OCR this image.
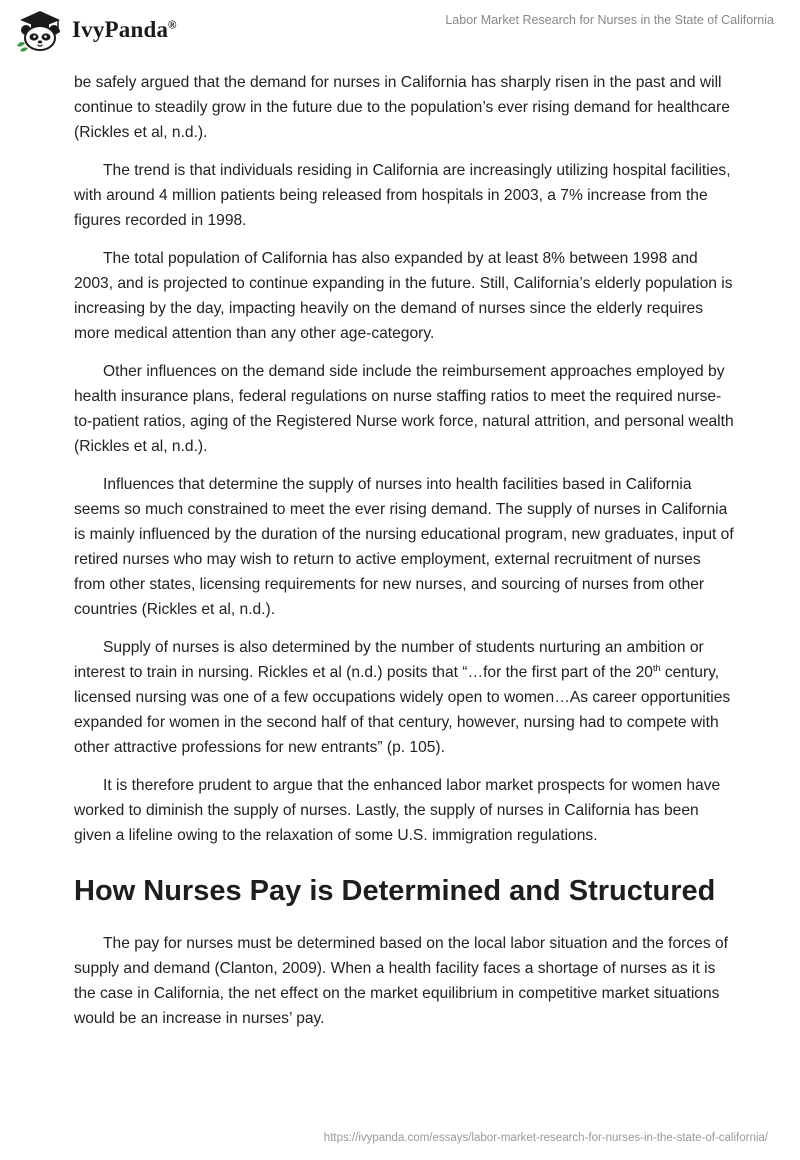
IvyPanda®	Labor Market Research for Nurses in the State of California

be safely argued that the demand for nurses in California has sharply risen in the past and will continue to steadily grow in the future due to the population’s ever rising demand for healthcare (Rickles et al, n.d.).

The trend is that individuals residing in California are increasingly utilizing hospital facilities, with around 4 million patients being released from hospitals in 2003, a 7% increase from the figures recorded in 1998.

The total population of California has also expanded by at least 8% between 1998 and 2003, and is projected to continue expanding in the future. Still, California’s elderly population is increasing by the day, impacting heavily on the demand of nurses since the elderly requires more medical attention than any other age-category.

Other influences on the demand side include the reimbursement approaches employed by health insurance plans, federal regulations on nurse staffing ratios to meet the required nurse-to-patient ratios, aging of the Registered Nurse work force, natural attrition, and personal wealth (Rickles et al, n.d.).

Influences that determine the supply of nurses into health facilities based in California seems so much constrained to meet the ever rising demand. The supply of nurses in California is mainly influenced by the duration of the nursing educational program, new graduates, input of retired nurses who may wish to return to active employment, external recruitment of nurses from other states, licensing requirements for new nurses, and sourcing of nurses from other countries (Rickles et al, n.d.).

Supply of nurses is also determined by the number of students nurturing an ambition or interest to train in nursing. Rickles et al (n.d.) posits that “…for the first part of the 20th century, licensed nursing was one of a few occupations widely open to women…As career opportunities expanded for women in the second half of that century, however, nursing had to compete with other attractive professions for new entrants” (p. 105).

It is therefore prudent to argue that the enhanced labor market prospects for women have worked to diminish the supply of nurses. Lastly, the supply of nurses in California has been given a lifeline owing to the relaxation of some U.S. immigration regulations.

How Nurses Pay is Determined and Structured

The pay for nurses must be determined based on the local labor situation and the forces of supply and demand (Clanton, 2009). When a health facility faces a shortage of nurses as it is the case in California, the net effect on the market equilibrium in competitive market situations would be an increase in nurses’ pay.

https://ivypanda.com/essays/labor-market-research-for-nurses-in-the-state-of-california/
